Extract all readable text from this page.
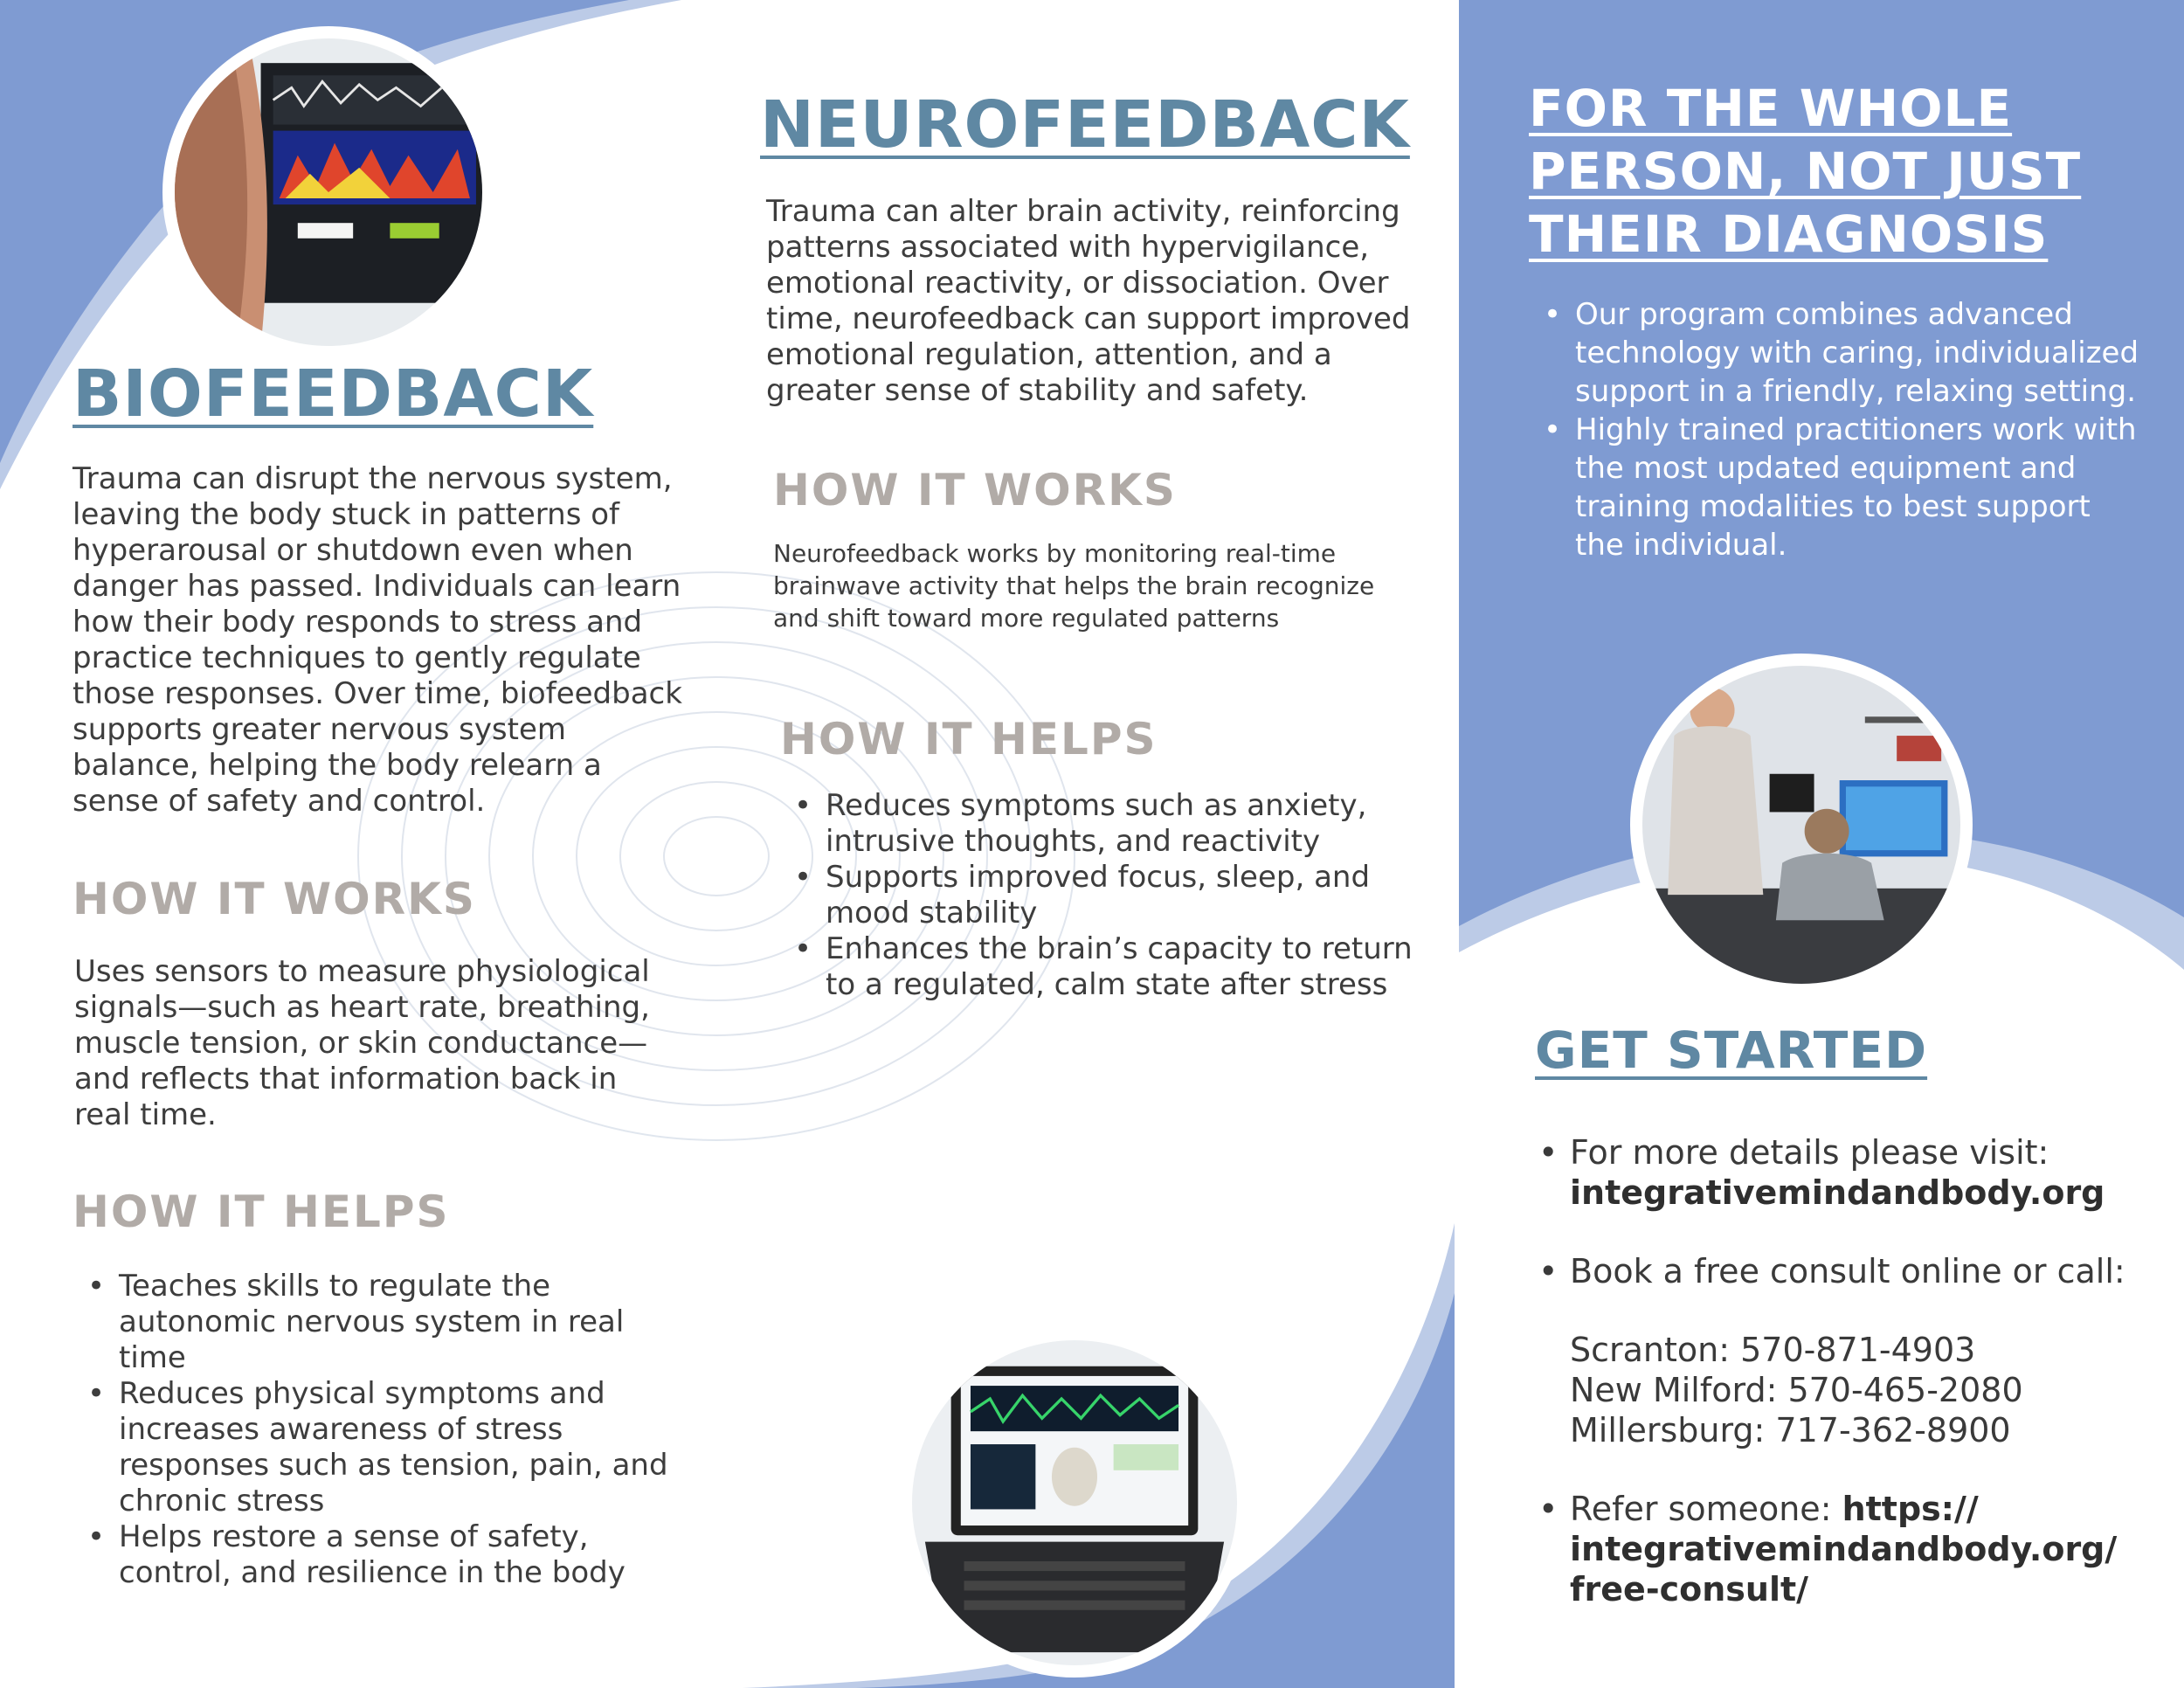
BIOFEEDBACK

Trauma can disrupt the nervous system, leaving the body stuck in patterns of hyperarousal or shutdown even when danger has passed. Individuals can learn how their body responds to stress and practice techniques to gently regulate those responses. Over time, biofeedback supports greater nervous system balance, helping the body relearn a sense of safety and control.

HOW IT WORKS

Uses sensors to measure physiological signals—such as heart rate, breathing, muscle tension, or skin conductance—and reflects that information back in real time.

HOW IT HELPS
• Teaches skills to regulate the autonomic nervous system in real time
• Reduces physical symptoms and increases awareness of stress responses such as tension, pain, and chronic stress
• Helps restore a sense of safety, control, and resilience in the body
NEUROFEEDBACK

Trauma can alter brain activity, reinforcing patterns associated with hypervigilance, emotional reactivity, or dissociation. Over time, neurofeedback can support improved emotional regulation, attention, and a greater sense of stability and safety.

HOW IT WORKS

Neurofeedback works by monitoring real-time brainwave activity that helps the brain recognize and shift toward more regulated patterns

HOW IT HELPS
• Reduces symptoms such as anxiety, intrusive thoughts, and reactivity
• Supports improved focus, sleep, and mood stability
• Enhances the brain’s capacity to return to a regulated, calm state after stress
FOR THE WHOLE
PERSON, NOT JUST
THEIR DIAGNOSIS
• Our program combines advanced technology with caring, individualized support in a friendly, relaxing setting.
• Highly trained practitioners work with the most updated equipment and training modalities to best support the individual.
GET STARTED
• For more details please visit:
integrativemindandbody.org
• Book a free consult online or call:
Scranton: 570-871-4903
New Milford: 570-465-2080
Millersburg: 717-362-8900
• Refer someone: https://
integrativemindandbody.org/
free-consult/
